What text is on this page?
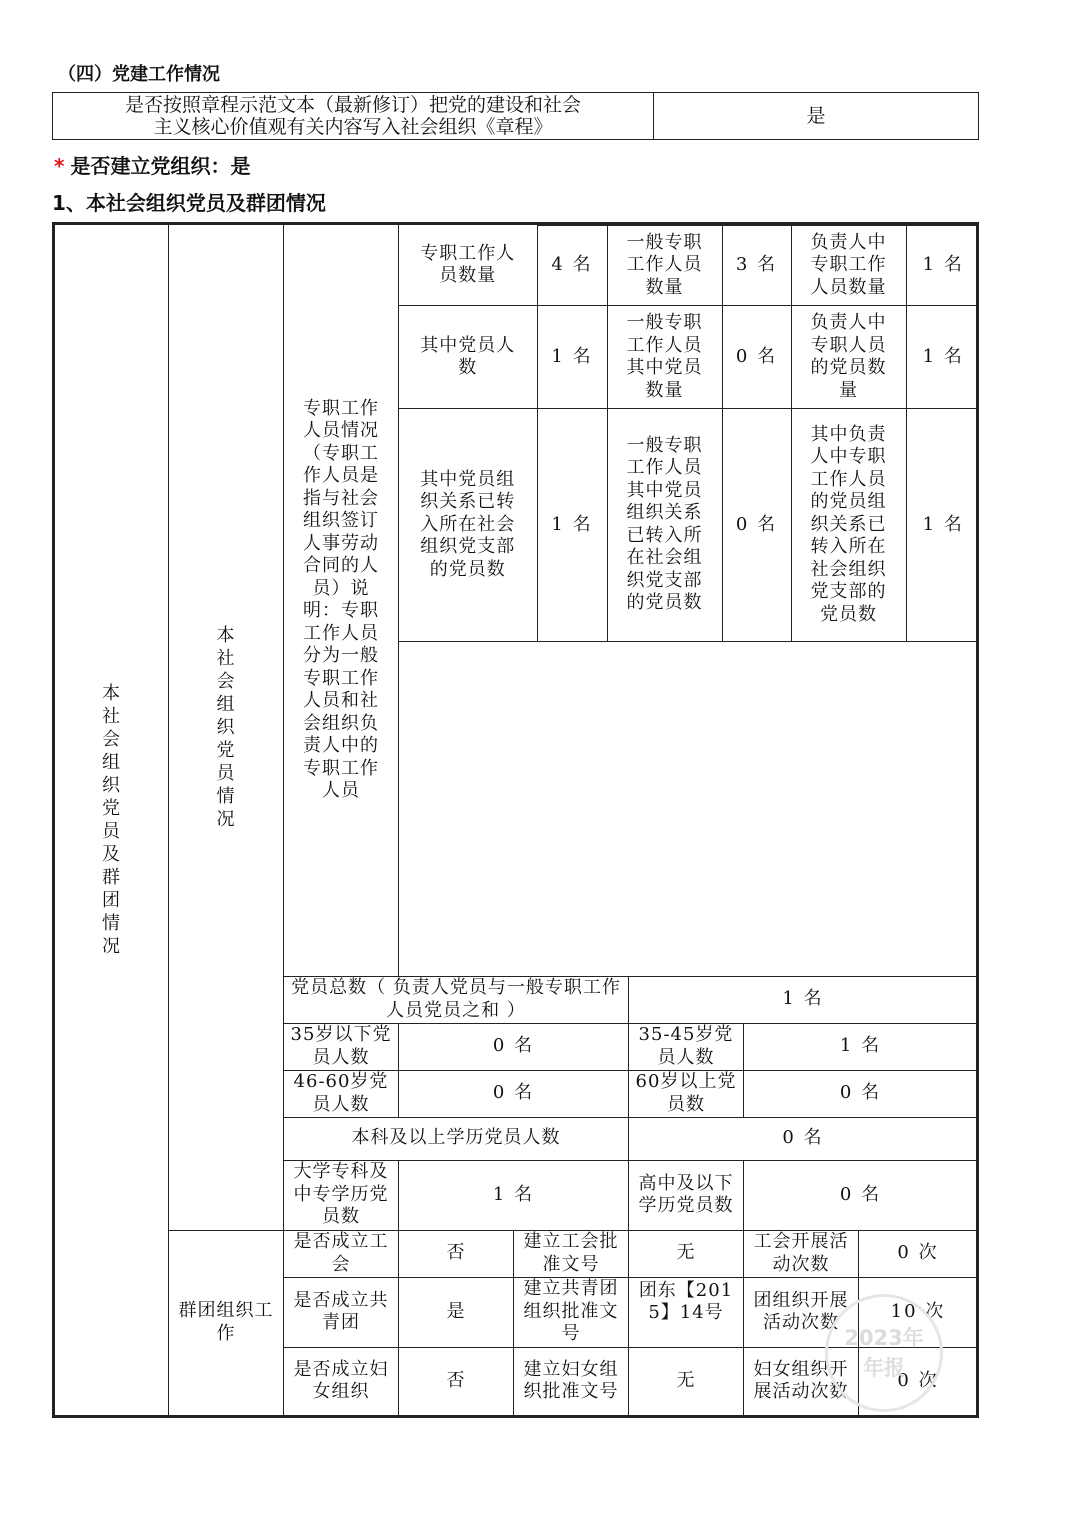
（四）党建工作情况
是否按照章程示范文本（最新修订）把党的建设和社会
主义核心价值观有关内容写入社会组织《章程》	是
* 是否建立党组织：是
1、本社会组织党员及群团情况
本社会组织党员及群团情况	本社会组织党员情况	专职工作人员情况（专职工作人员是指与社会组织签订人事劳动合同的人员）说明：专职工作人员分为一般专职工作人员和社会组织负责人中的专职工作人员	
专职工作人员数量	4 名	一般专职工作人员数量	3 名	负责人中专职工作人员数量	1 名
其中党员人数	1 名	一般专职工作人员其中党员数量	0 名	负责人中专职人员的党员数量	1 名
其中党员组织关系已转入所在社会组织党支部的党员数	1 名	一般专职工作人员其中党员组织关系已转入所在社会组织党支部的党员数	0 名	其中负责人中专职工作人员的党员组织关系已转入所在社会组织党支部的党员数	1 名

党员总数（ 负责人党员与一般专职工作人员党员之和 ）	1 名
35岁以下党员人数	0 名	35-45岁党员人数	1 名
46-60岁党员人数	0 名	60岁以上党员数	0 名
本科及以上学历党员人数	0 名
大学专科及中专学历党员数	1 名	高中及以下学历党员数	0 名
群团组织工作	是否成立工会	否	建立工会批准文号	无	工会开展活动次数	0 次
是否成立共青团	是	建立共青团组织批准文号	团东【2015】14号	团组织开展活动次数	10 次
是否成立妇女组织	否	建立妇女组织批准文号	无	妇女组织开展活动次数	0 次
2023年
年报
